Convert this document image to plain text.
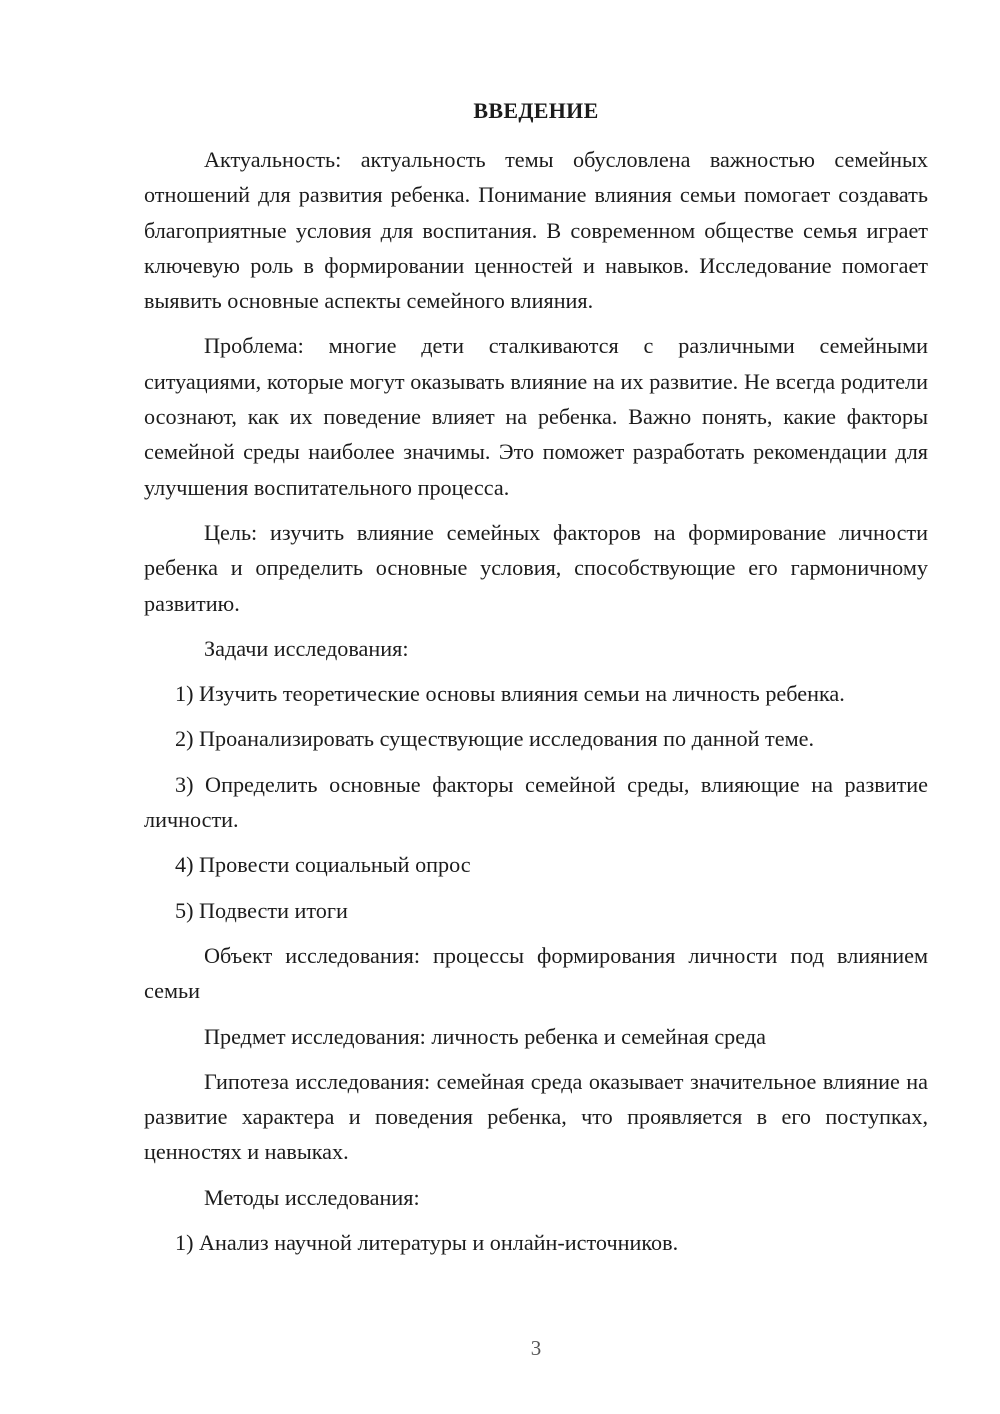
ВВЕДЕНИЕ

Актуальность: актуальность темы обусловлена важностью семейных отношений для развития ребенка. Понимание влияния семьи помогает создавать благоприятные условия для воспитания. В современном обществе семья играет ключевую роль в формировании ценностей и навыков. Исследование помогает выявить основные аспекты семейного влияния.

Проблема: многие дети сталкиваются с различными семейными ситуациями, которые могут оказывать влияние на их развитие. Не всегда родители осознают, как их поведение влияет на ребенка. Важно понять, какие факторы семейной среды наиболее значимы. Это поможет разработать рекомендации для улучшения воспитательного процесса.

Цель: изучить влияние семейных факторов на формирование личности ребенка и определить основные условия, способствующие его гармоничному развитию.

Задачи исследования:

1) Изучить теоретические основы влияния семьи на личность ребенка.

2) Проанализировать существующие исследования по данной теме.

3) Определить основные факторы семейной среды, влияющие на развитие личности.

4) Провести социальный опрос

5) Подвести итоги

Объект исследования: процессы формирования личности под влиянием семьи

Предмет исследования: личность ребенка и семейная среда

Гипотеза исследования: семейная среда оказывает значительное влияние на развитие характера и поведения ребенка, что проявляется в его поступках, ценностях и навыках.

Методы исследования:

1) Анализ научной литературы и онлайн-источников.

3
